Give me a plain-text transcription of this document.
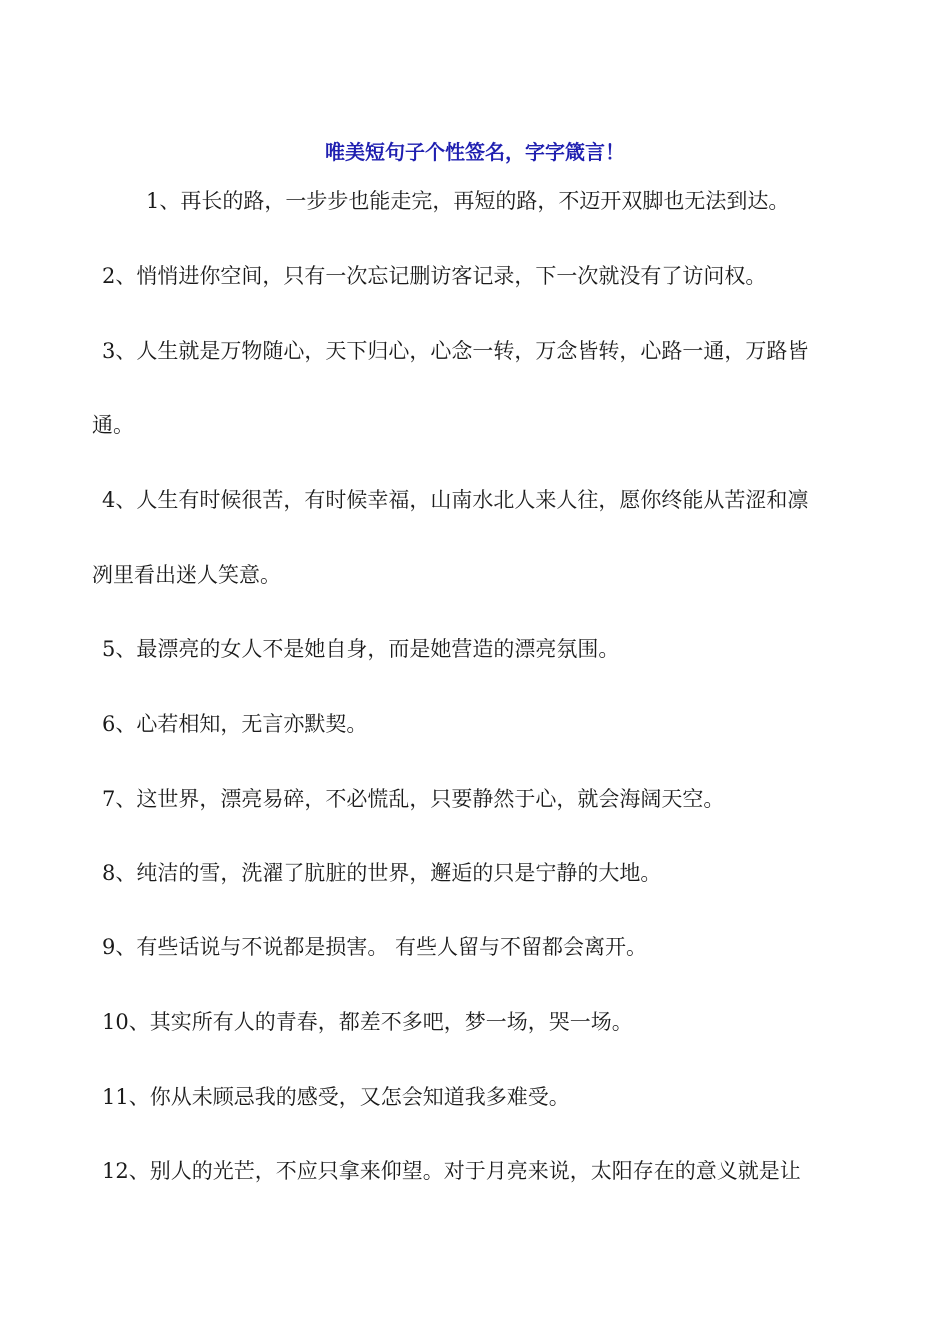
唯美短句子个性签名，字字箴言！
1、再长的路，一步步也能走完，再短的路，不迈开双脚也无法到达。
2、悄悄进你空间，只有一次忘记删访客记录，下一次就没有了访问权。
3、人生就是万物随心，天下归心，心念一转，万念皆转，心路一通，万路皆
通。
4、人生有时候很苦，有时候幸福，山南水北人来人往，愿你终能从苦涩和凛
冽里看出迷人笑意。
5、最漂亮的女人不是她自身，而是她营造的漂亮氛围。
6、心若相知，无言亦默契。
7、这世界，漂亮易碎，不必慌乱，只要静然于心，就会海阔天空。
8、纯洁的雪，洗濯了肮脏的世界，邂逅的只是宁静的大地。
9、有些话说与不说都是损害。 有些人留与不留都会离开。
10、其实所有人的青春，都差不多吧，梦一场，哭一场。
11、你从未顾忌我的感受，又怎会知道我多难受。
12、别人的光芒，不应只拿来仰望。对于月亮来说，太阳存在的意义就是让
